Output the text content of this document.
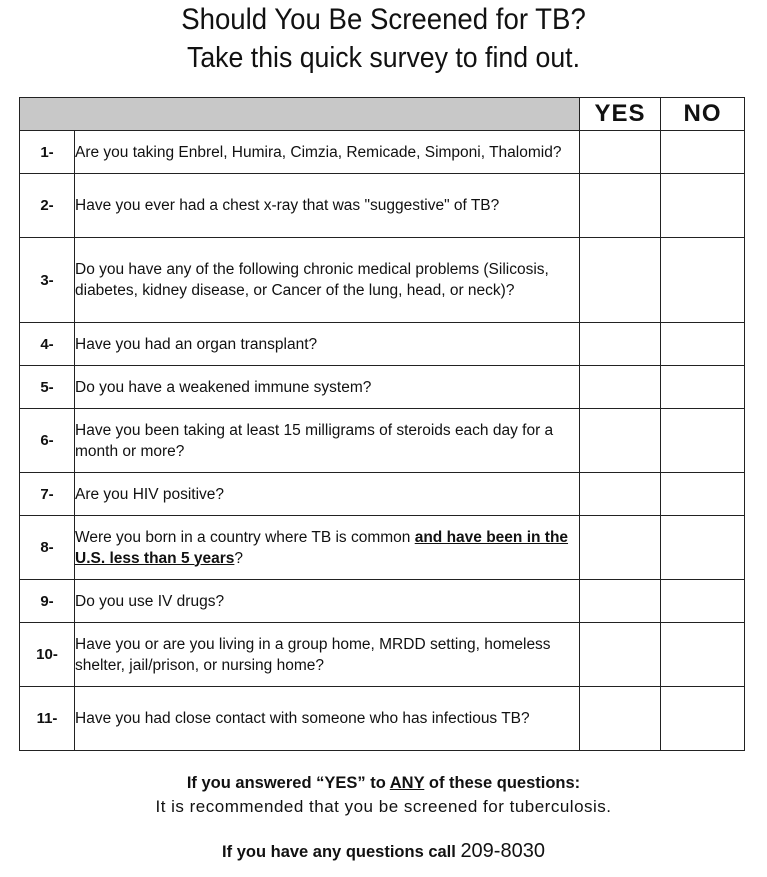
Should You Be Screened for TB?
Take this quick survey to find out.
		YES	NO
1-	Are you taking Enbrel, Humira, Cimzia, Remicade, Simponi, Thalomid?		
2-	Have you ever had a chest x-ray that was "suggestive" of TB?		
3-	Do you have any of the following chronic medical problems (Silicosis, diabetes, kidney disease, or Cancer of the lung, head, or neck)?		
4-	Have you had an organ transplant?		
5-	Do you have a weakened immune system?		
6-	Have you been taking at least 15 milligrams of steroids each day for a month or more?		
7-	Are you HIV positive?		
8-	Were you born in a country where TB is common and have been in the U.S. less than 5 years?		
9-	Do you use IV drugs?		
10-	Have you or are you living in a group home, MRDD setting, homeless shelter, jail/prison, or nursing home?		
11-	Have you had close contact with someone who has infectious TB?		
If you answered “YES” to ANY of these questions:
It is recommended that you be screened for tuberculosis.
If you have any questions call 209-8030
